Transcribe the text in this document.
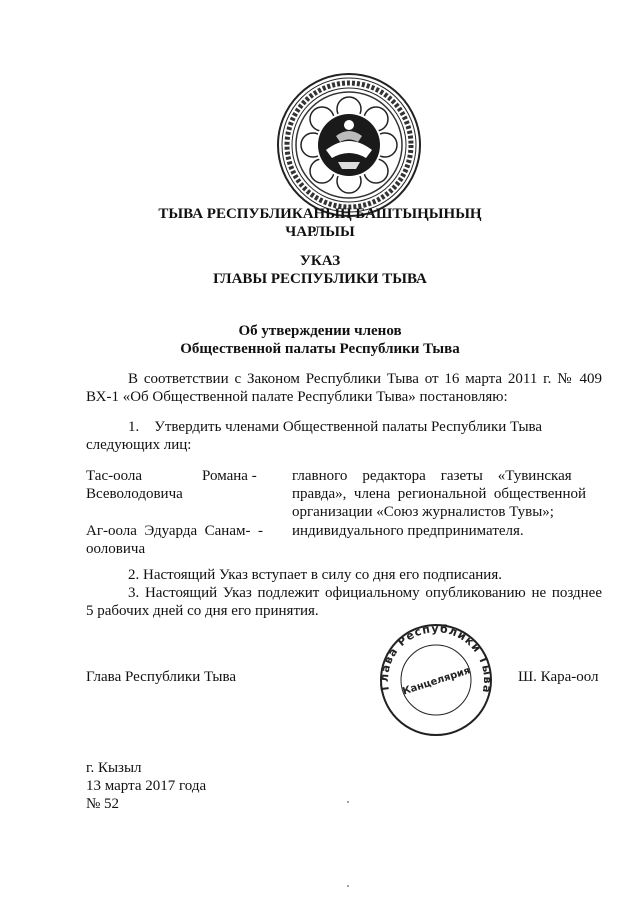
ТЫВА РЕСПУБЛИКАНЫҢ БАШТЫҢЫНЫҢ
ЧАРЛЫЫ
УКАЗ
ГЛАВЫ РЕСПУБЛИКИ ТЫВА
Об утверждении членов
Общественной палаты Республики Тыва
В соответствии с Законом Республики Тыва от 16 марта 2011 г. № 409
ВХ-1 «Об Общественной палате Республики Тыва» постановляю:
1.    Утвердить членами Общественной палаты Республики Тыва
следующих лиц:
Тас-оола                Романа -
Всеволодовича
главного    редактора    газеты    «Тувинская
правда»,  члена  региональной  общественной
организации «Союз журналистов Тувы»;
Аг-оола  Эдуарда  Санам-  -
ооловича
индивидуального предпринимателя.
2. Настоящий Указ вступает в силу со дня его подписания.
3. Настоящий Указ подлежит официальному опубликованию не позднее
5 рабочих дней со дня его принятия.
Глава Республики Тыва	Ш. Кара-оол
Глава Республики Тыва
Канцелярия
г. Кызыл
13 марта 2017 года
№ 52
